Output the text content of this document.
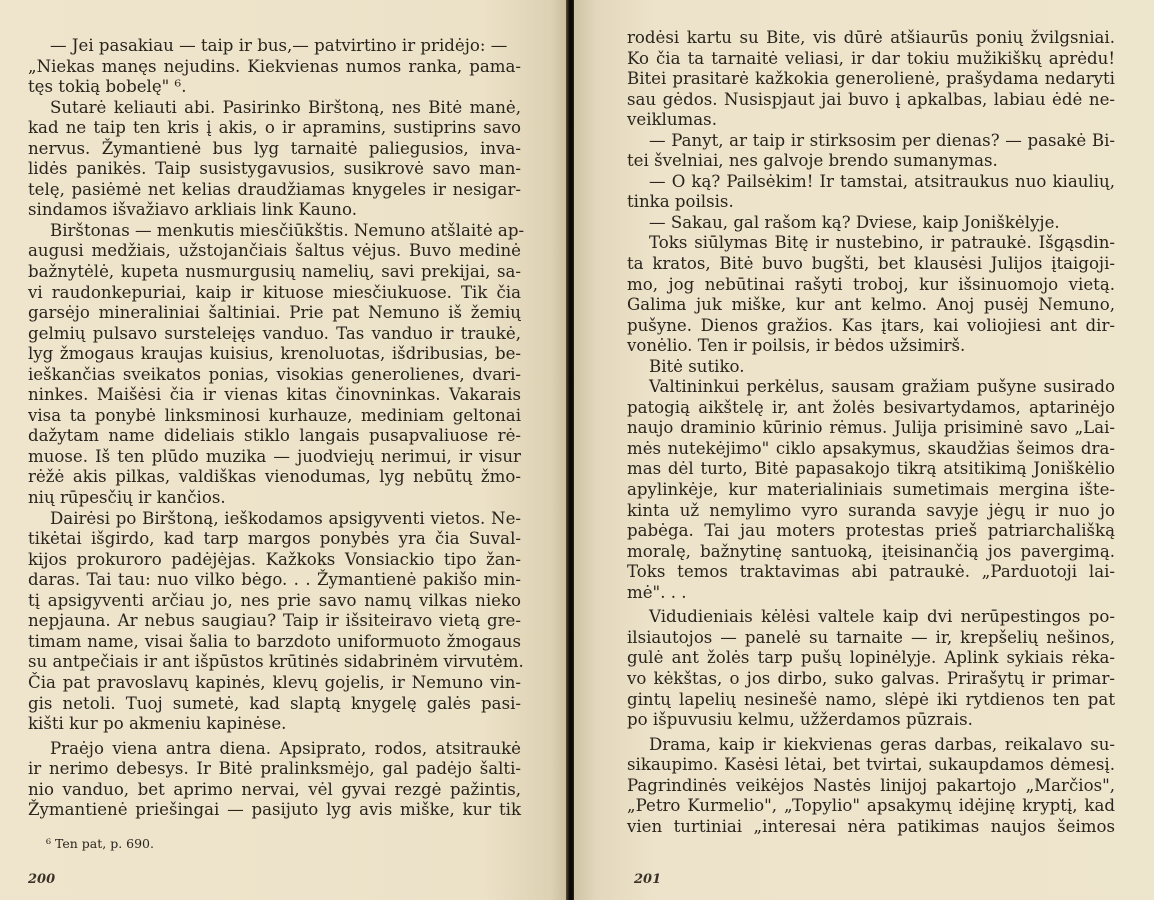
— Jei pasakiau — taip ir bus,— patvirtino ir pridėjo: —
„Niekas manęs nejudins. Kiekvienas numos ranka, pama-
tęs tokią bobelę" ⁶.
Sutarė keliauti abi. Pasirinko Birštoną, nes Bitė manė,
kad ne taip ten kris į akis, o ir apramins, sustiprins savo
nervus. Žymantienė bus lyg tarnaitė paliegusios, inva-
lidės panikės. Taip susistygavusios, susikrovė savo man-
telę, pasiėmė net kelias draudžiamas knygeles ir nesigar-
sindamos išvažiavo arkliais link Kauno.
Birštonas — menkutis miesčiūkštis. Nemuno atšlaitė ap-
augusi medžiais, užstojančiais šaltus vėjus. Buvo medinė
bažnytėlė, kupeta nusmurgusių namelių, savi prekijai, sa-
vi raudonkepuriai, kaip ir kituose miesčiukuose. Tik čia
garsėjo mineraliniai šaltiniai. Prie pat Nemuno iš žemių
gelmių pulsavo sursteleįęs vanduo. Tas vanduo ir traukė,
lyg žmogaus kraujas kuisius, krenoluotas, išdribusias, be-
ieškančias sveikatos ponias, visokias generolienes, dvari-
ninkes. Maišėsi čia ir vienas kitas činovninkas. Vakarais
visa ta ponybė linksminosi kurhauze, mediniam geltonai
dažytam name dideliais stiklo langais pusapvaliuose rė-
muose. Iš ten plūdo muzika — juodviejų nerimui, ir visur
rėžė akis pilkas, valdiškas vienodumas, lyg nebūtų žmo-
nių rūpesčių ir kančios.
Dairėsi po Birštoną, ieškodamos apsigyventi vietos. Ne-
tikėtai išgirdo, kad tarp margos ponybės yra čia Suval-
kijos prokuroro padėjėjas. Kažkoks Vonsiackio tipo žan-
daras. Tai tau: nuo vilko bėgo. . . Žymantienė pakišo min-
tį apsigyventi arčiau jo, nes prie savo namų vilkas nieko
nepjauna. Ar nebus saugiau? Taip ir išsiteiravo vietą gre-
timam name, visai šalia to barzdoto uniformuoto žmogaus
su antpečiais ir ant išpūstos krūtinės sidabrinėm virvutėm.
Čia pat pravoslavų kapinės, klevų gojelis, ir Nemuno vin-
gis netoli. Tuoj sumetė, kad slaptą knygelę galės pasi-
kišti kur po akmeniu kapinėse.
Praėjo viena antra diena. Apsiprato, rodos, atsitraukė
ir nerimo debesys. Ir Bitė pralinksmėjo, gal padėjo šalti-
nio vanduo, bet aprimo nervai, vėl gyvai rezgė pažintis,
Žymantienė priešingai — pasijuto lyg avis miške, kur tik
⁶ Ten pat, p. 690.
200
rodėsi kartu su Bite, vis dūrė atšiaurūs ponių žvilgsniai.
Ko čia ta tarnaitė veliasi, ir dar tokiu mužikiškų aprėdu!
Bitei prasitarė kažkokia generolienė, prašydama nedaryti
sau gėdos. Nusispjaut jai buvo į apkalbas, labiau ėdė ne-
veiklumas.
— Panyt, ar taip ir stirksosim per dienas? — pasakė Bi-
tei švelniai, nes galvoje brendo sumanymas.
— O ką? Pailsėkim! Ir tamstai, atsitraukus nuo kiaulių,
tinka poilsis.
— Sakau, gal rašom ką? Dviese, kaip Joniškėlyje.
Toks siūlymas Bitę ir nustebino, ir patraukė. Išgąsdin-
ta kratos, Bitė buvo bugšti, bet klausėsi Julijos įtaigoji-
mo, jog nebūtinai rašyti troboj, kur išsinuomojo vietą.
Galima juk miške, kur ant kelmo. Anoj pusėj Nemuno,
pušyne. Dienos gražios. Kas įtars, kai voliojiesi ant dir-
vonėlio. Ten ir poilsis, ir bėdos užsimirš.
Bitė sutiko.
Valtininkui perkėlus, sausam gražiam pušyne susirado
patogią aikštelę ir, ant žolės besivartydamos, aptarinėjo
naujo draminio kūrinio rėmus. Julija prisiminė savo „Lai-
mės nutekėjimo" ciklo apsakymus, skaudžias šeimos dra-
mas dėl turto, Bitė papasakojo tikrą atsitikimą Joniškėlio
apylinkėje, kur materialiniais sumetimais mergina ište-
kinta už nemylimo vyro suranda savyje jėgų ir nuo jo
pabėga. Tai jau moters protestas prieš patriarchališką
moralę, bažnytinę santuoką, įteisinančią jos pavergimą.
Toks temos traktavimas abi patraukė. „Parduotoji lai-
mė". . .
Vidudieniais kėlėsi valtele kaip dvi nerūpestingos po-
ilsiautojos — panelė su tarnaite — ir, krepšelių nešinos,
gulė ant žolės tarp pušų lopinėlyje. Aplink sykiais rėka-
vo kėkštas, o jos dirbo, suko galvas. Prirašytų ir primar-
gintų lapelių nesinešė namo, slėpė iki rytdienos ten pat
po išpuvusiu kelmu, užžerdamos pūzrais.
Drama, kaip ir kiekvienas geras darbas, reikalavo su-
sikaupimo. Kasėsi lėtai, bet tvirtai, sukaupdamos dėmesį.
Pagrindinės veikėjos Nastės linijoj pakartojo „Marčios",
„Petro Kurmelio", „Topylio" apsakymų idėjinę kryptį, kad
vien turtiniai „interesai nėra patikimas naujos šeimos
201
